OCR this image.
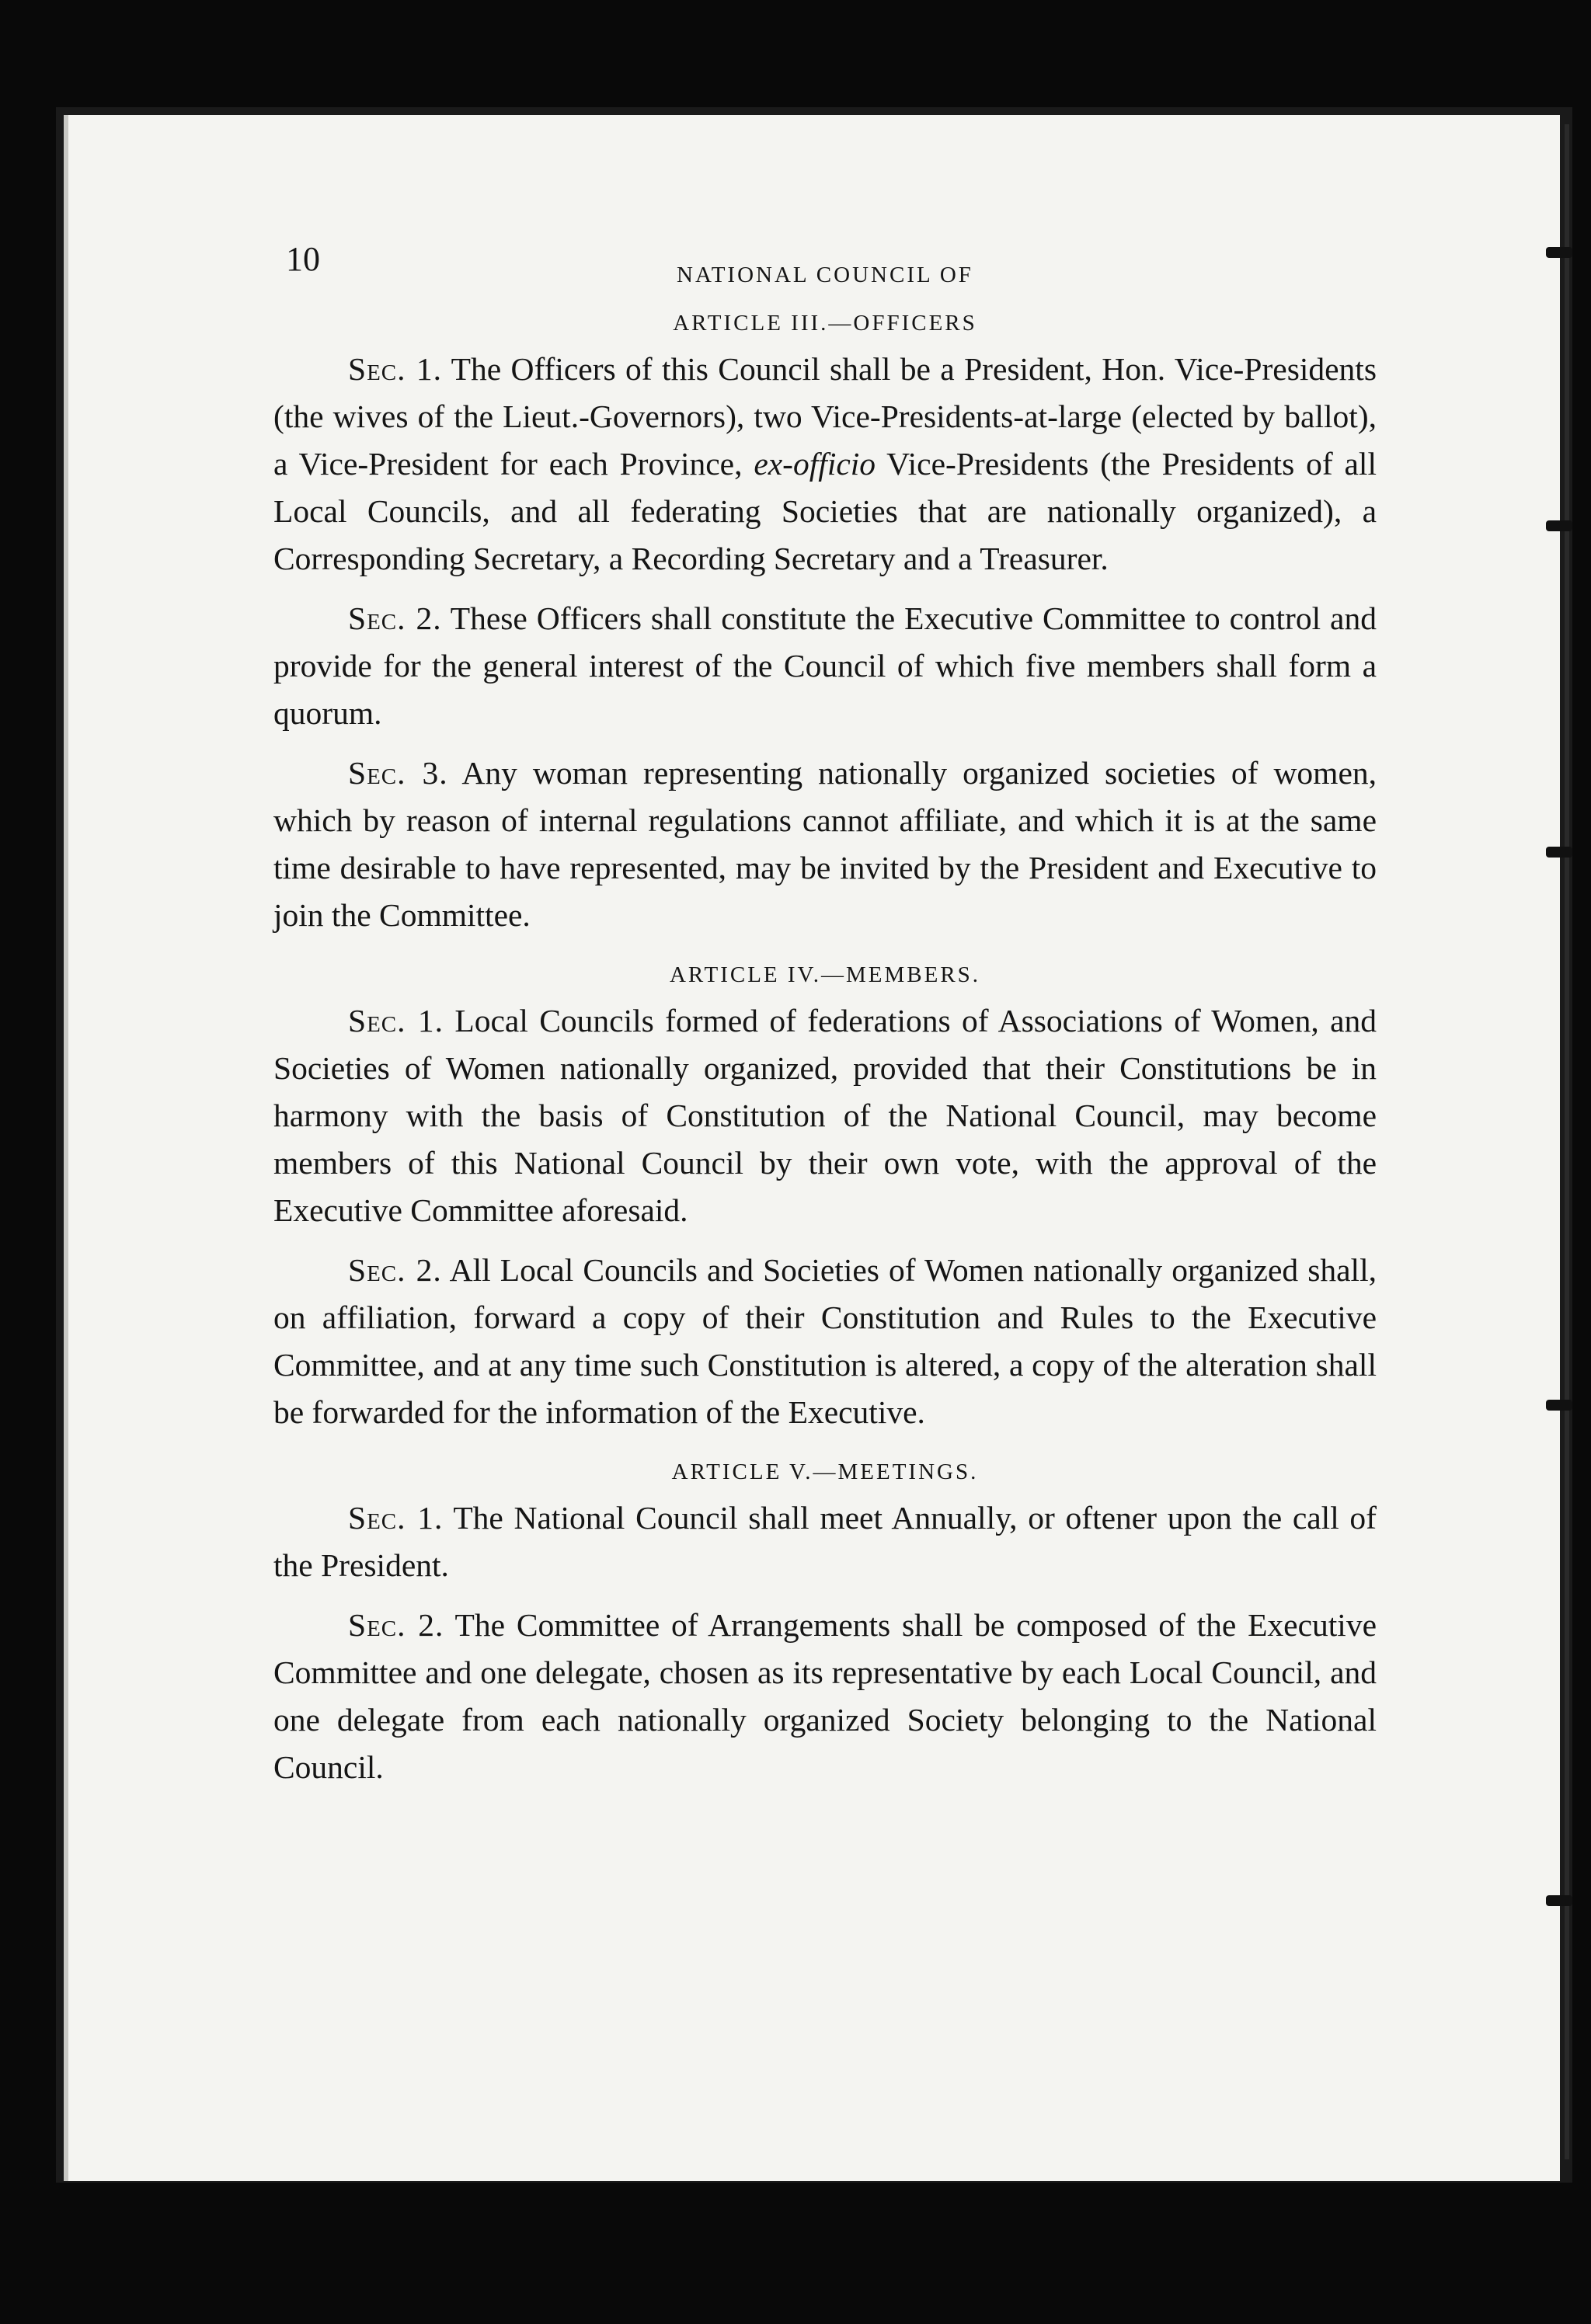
10	NATIONAL COUNCIL OF
ARTICLE III.—OFFICERS

Sec. 1. The Officers of this Council shall be a President, Hon. Vice-Presidents (the wives of the Lieut.-Governors), two Vice-Presidents-at-large (elected by ballot), a Vice-President for each Province, ex-officio Vice-Presidents (the Presidents of all Local Councils, and all federating Societies that are nationally organized), a Corresponding Secretary, a Recording Secretary and a Treasurer.

Sec. 2. These Officers shall constitute the Executive Committee to control and provide for the general interest of the Council of which five members shall form a quorum.

Sec. 3. Any woman representing nationally organized societies of women, which by reason of internal regulations cannot affiliate, and which it is at the same time desirable to have represented, may be invited by the President and Executive to join the Committee.

ARTICLE IV.—MEMBERS.

Sec. 1. Local Councils formed of federations of Associations of Women, and Societies of Women nationally organized, provided that their Constitutions be in harmony with the basis of Constitution of the National Council, may become members of this National Council by their own vote, with the approval of the Executive Committee aforesaid.

Sec. 2. All Local Councils and Societies of Women nationally organized shall, on affiliation, forward a copy of their Constitution and Rules to the Executive Committee, and at any time such Constitution is altered, a copy of the alteration shall be forwarded for the information of the Executive.

ARTICLE V.—MEETINGS.

Sec. 1. The National Council shall meet Annually, or oftener upon the call of the President.

Sec. 2. The Committee of Arrangements shall be composed of the Executive Committee and one delegate, chosen as its representative by each Local Council, and one delegate from each nationally organized Society belonging to the National Council.
